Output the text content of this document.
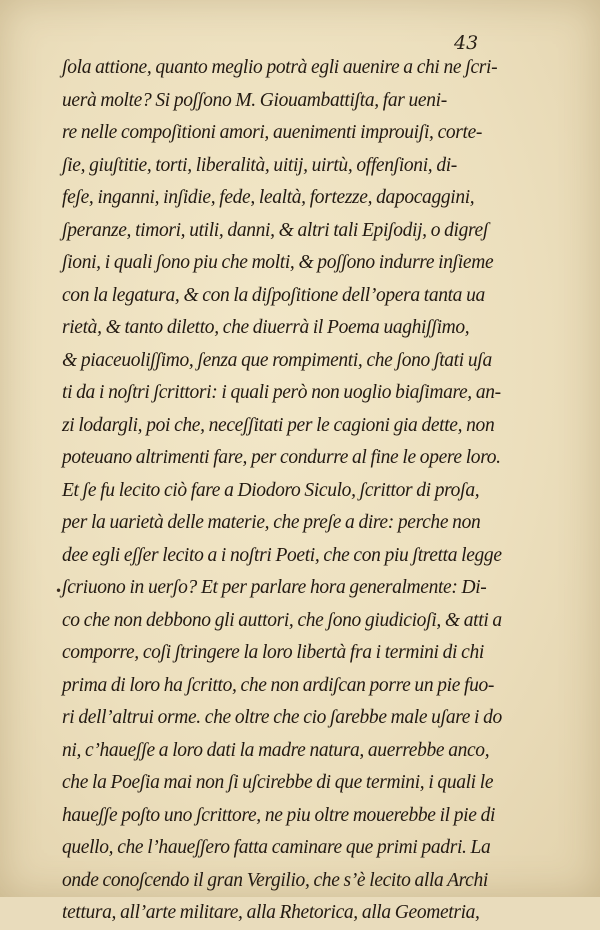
43
•
ʃola attione, quanto meglio potrà egli auenire a chi ne ʃcri-
uerà molte? Si poʃʃono M. Giouambattiʃta, far ueni-
re nelle compoʃitioni amori, auenimenti improuiʃi, corte-
ʃie, giuʃtitie, torti, liberalità, uitij, uirtù, offenʃioni, di-
feʃe, inganni, inʃidie, fede, lealtà, fortezze, dapocaggini,
ʃperanze, timori, utili, danni, & altri tali Epiʃodij, o digreʃ
ʃioni, i quali ʃono piu che molti, & poʃʃono indurre inʃieme
con la legatura, & con la diʃpoʃitione dell’opera tanta ua
rietà, & tanto diletto, che diuerrà il Poema uaghiʃʃimo,
& piaceuoliʃʃimo, ʃenza que rompimenti, che ʃono ʃtati uʃa
ti da i noʃtri ʃcrittori: i quali però non uoglio biaʃimare, an-
zi lodargli, poi che, neceʃʃitati per le cagioni gia dette, non
poteuano altrimenti fare, per condurre al fine le opere loro.
Et ʃe fu lecito ciò fare a Diodoro Siculo, ʃcrittor di proʃa,
per la uarietà delle materie, che preʃe a dire: perche non
dee egli eʃʃer lecito a i noʃtri Poeti, che con piu ʃtretta legge
ʃcriuono in uerʃo? Et per parlare hora generalmente: Di-
co che non debbono gli auttori, che ʃono giudicioʃi, & atti a
comporre, coʃi ʃtringere la loro libertà fra i termini di chi
prima di loro ha ʃcritto, che non ardiʃcan porre un pie fuo-
ri dell’altrui orme. che oltre che cio ʃarebbe male uʃare i do
ni, c’haueʃʃe a loro dati la madre natura, auerrebbe anco,
che la Poeʃia mai non ʃi uʃcirebbe di que termini, i quali le
haueʃʃe poʃto uno ʃcrittore, ne piu oltre mouerebbe il pie di
quello, che l’haueʃʃero fatta caminare que primi padri. La
onde conoʃcendo il gran Vergilio, che s’è lecito alla Archi
tettura, all’arte militare, alla Rhetorica, alla Geometria,
